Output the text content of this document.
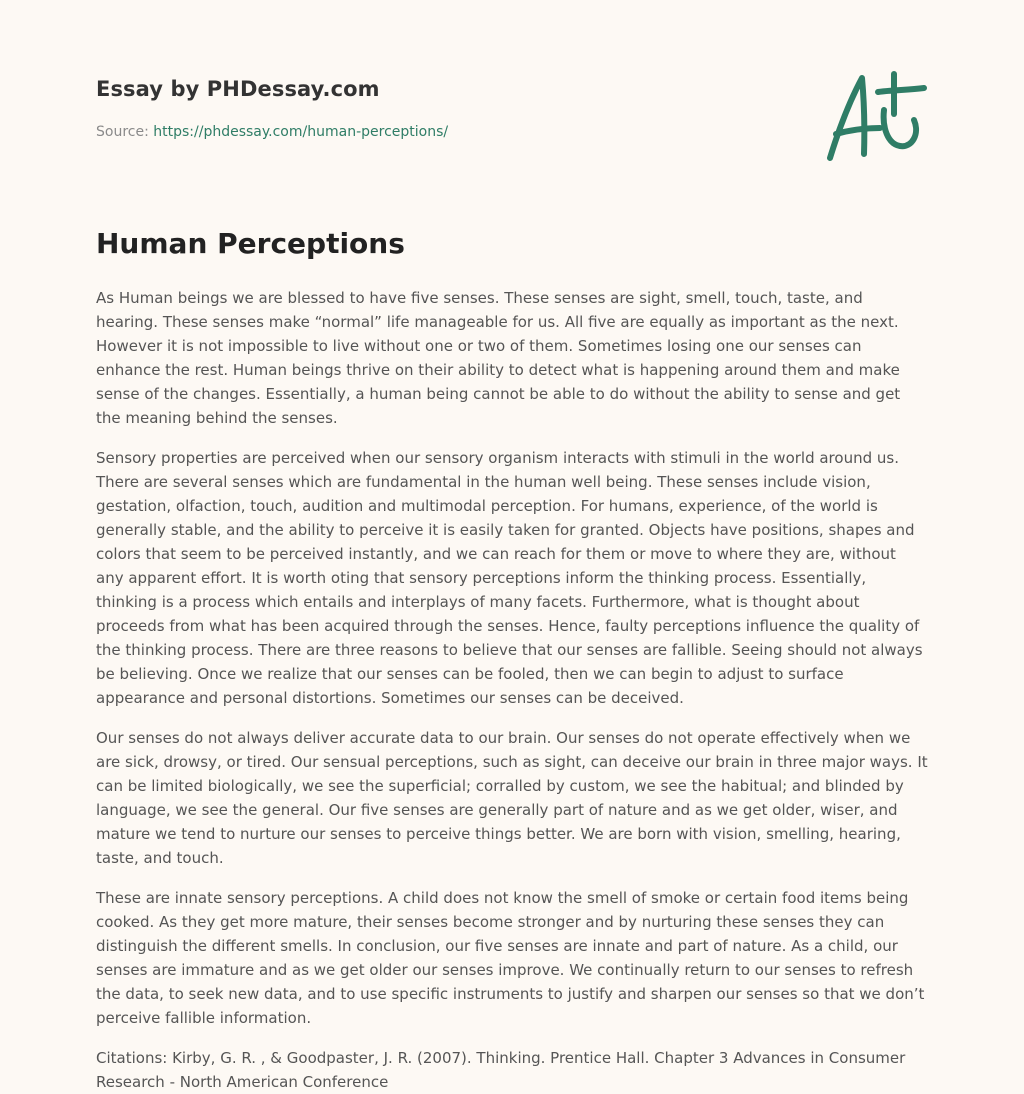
Essay by PHDessay.com

Source: https://phdessay.com/human-perceptions/

Human Perceptions

As Human beings we are blessed to have five senses. These senses are sight, smell, touch, taste, and hearing. These senses make “normal” life manageable for us. All five are equally as important as the next. However it is not impossible to live without one or two of them. Sometimes losing one our senses can enhance the rest. Human beings thrive on their ability to detect what is happening around them and make sense of the changes. Essentially, a human being cannot be able to do without the ability to sense and get the meaning behind the senses.

Sensory properties are perceived when our sensory organism interacts with stimuli in the world around us. There are several senses which are fundamental in the human well being. These senses include vision, gestation, olfaction, touch, audition and multimodal perception. For humans, experience, of the world is generally stable, and the ability to perceive it is easily taken for granted. Objects have positions, shapes and colors that seem to be perceived instantly, and we can reach for them or move to where they are, without any apparent effort. It is worth oting that sensory perceptions inform the thinking process. Essentially, thinking is a process which entails and interplays of many facets. Furthermore, what is thought about proceeds from what has been acquired through the senses. Hence, faulty perceptions influence the quality of the thinking process. There are three reasons to believe that our senses are fallible. Seeing should not always be believing. Once we realize that our senses can be fooled, then we can begin to adjust to surface appearance and personal distortions. Sometimes our senses can be deceived.

Our senses do not always deliver accurate data to our brain. Our senses do not operate effectively when we are sick, drowsy, or tired. Our sensual perceptions, such as sight, can deceive our brain in three major ways. It can be limited biologically, we see the superficial; corralled by custom, we see the habitual; and blinded by language, we see the general. Our five senses are generally part of nature and as we get older, wiser, and mature we tend to nurture our senses to perceive things better. We are born with vision, smelling, hearing, taste, and touch.

These are innate sensory perceptions. A child does not know the smell of smoke or certain food items being cooked. As they get more mature, their senses become stronger and by nurturing these senses they can distinguish the different smells. In conclusion, our five senses are innate and part of nature. As a child, our senses are immature and as we get older our senses improve. We continually return to our senses to refresh the data, to seek new data, and to use specific instruments to justify and sharpen our senses so that we don’t perceive fallible information.

Citations: Kirby, G. R. , & Goodpaster, J. R. (2007). Thinking. Prentice Hall. Chapter 3 Advances in Consumer Research - North American Conference
